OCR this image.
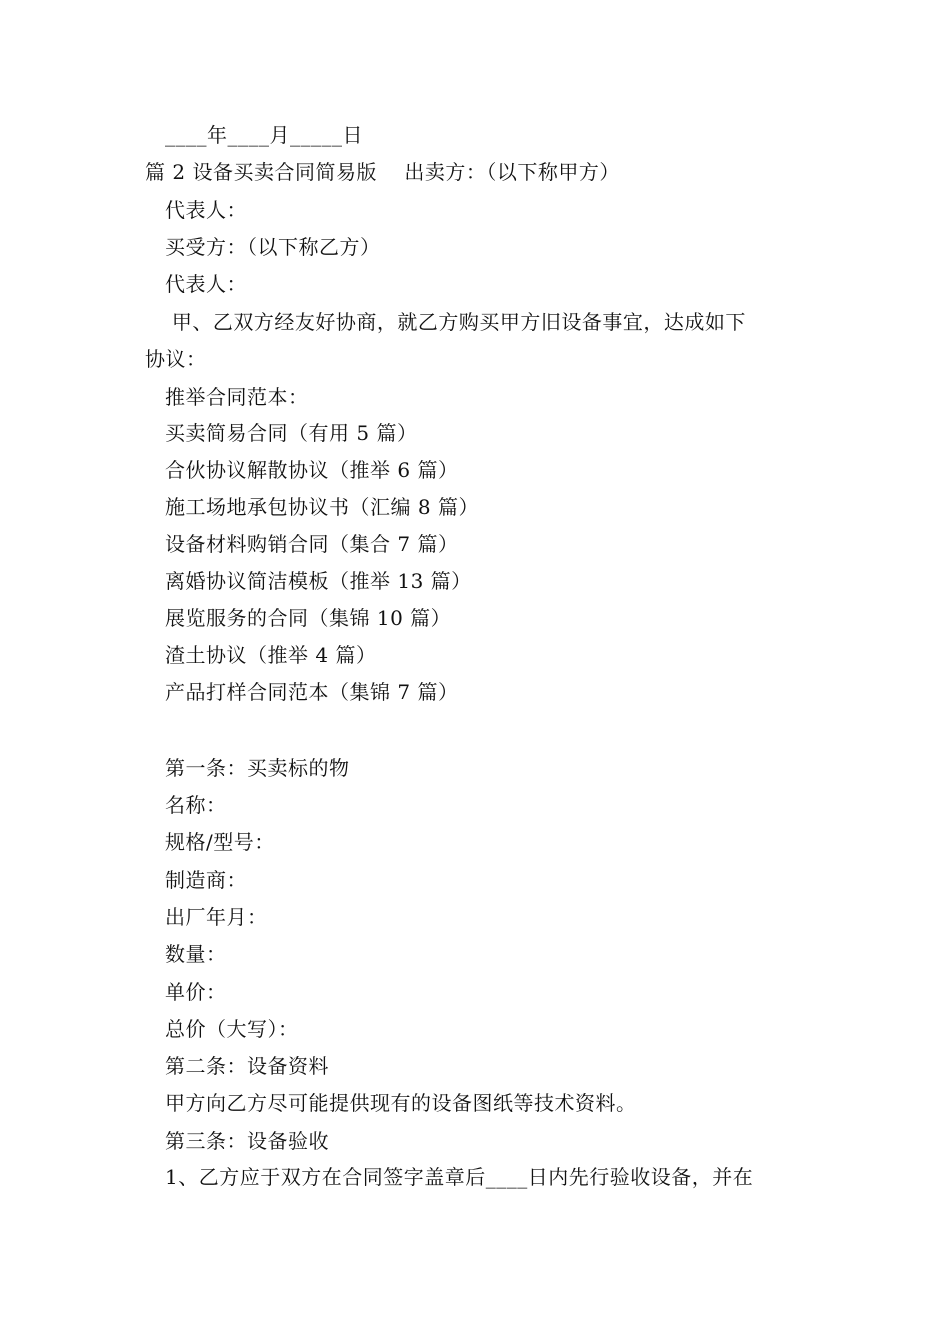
____年____月_____日
篇 2 设备买卖合同简易版    出卖方：（以下称甲方）
代表人：
买受方：（以下称乙方）
代表人：
甲、乙双方经友好协商，就乙方购买甲方旧设备事宜，达成如下
协议：
推举合同范本：
买卖简易合同（有用 5 篇）
合伙协议解散协议（推举 6 篇）
施工场地承包协议书（汇编 8 篇）
设备材料购销合同（集合 7 篇）
离婚协议简洁模板（推举 13 篇）
展览服务的合同（集锦 10 篇）
渣土协议（推举 4 篇）
产品打样合同范本（集锦 7 篇）
第一条：买卖标的物
名称：
规格/型号：
制造商：
出厂年月：
数量：
单价：
总价（大写）：
第二条：设备资料
甲方向乙方尽可能提供现有的设备图纸等技术资料。
第三条：设备验收
1、乙方应于双方在合同签字盖章后____日内先行验收设备，并在
